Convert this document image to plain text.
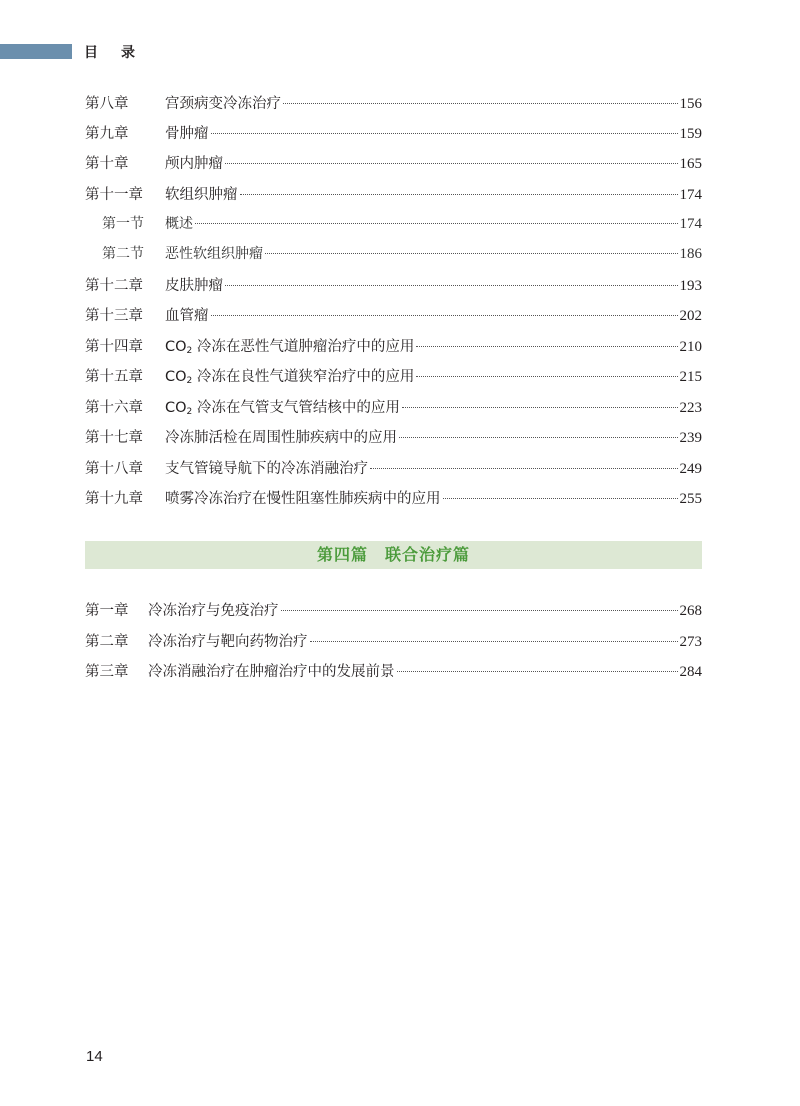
目 录
第八章	宫颈病变冷冻治疗	156
第九章	骨肿瘤	159
第十章	颅内肿瘤	165
第十一章	软组织肿瘤	174
第一节	概述	174
第二节	恶性软组织肿瘤	186
第十二章	皮肤肿瘤	193
第十三章	血管瘤	202
第十四章	$CO_2$ 冷冻在恶性气道肿瘤治疗中的应用	210
第十五章	$CO_2$ 冷冻在良性气道狭窄治疗中的应用	215
第十六章	$CO_2$ 冷冻在气管支气管结核中的应用	223
第十七章	冷冻肺活检在周围性肺疾病中的应用	239
第十八章	支气管镜导航下的冷冻消融治疗	249
第十九章	喷雾冷冻治疗在慢性阻塞性肺疾病中的应用	255
第四篇　联合治疗篇
第一章	冷冻治疗与免疫治疗	268
第二章	冷冻治疗与靶向药物治疗	273
第三章	冷冻消融治疗在肿瘤治疗中的发展前景	284
14
